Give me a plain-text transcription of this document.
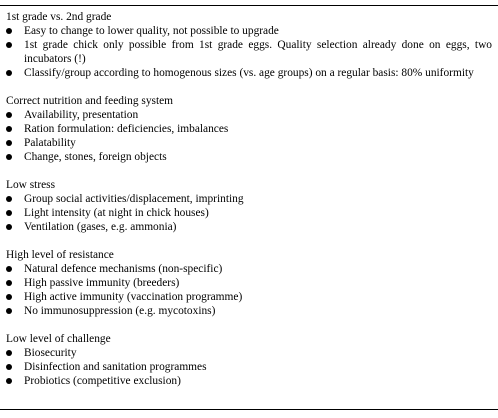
1st grade vs. 2nd grade

Easy to change to lower quality, not possible to upgrade
1st grade chick only possible from 1st grade eggs. Quality selection already done on eggs, two incubators (!)
Classify/group according to homogenous sizes (vs. age groups) on a regular basis: 80% uniformity

Correct nutrition and feeding system

Availability, presentation
Ration formulation: deficiencies, imbalances
Palatability
Change, stones, foreign objects

Low stress

Group social activities/displacement, imprinting
Light intensity (at night in chick houses)
Ventilation (gases, e.g. ammonia)

High level of resistance

Natural defence mechanisms (non-specific)
High passive immunity (breeders)
High active immunity (vaccination programme)
No immunosuppression (e.g. mycotoxins)

Low level of challenge

Biosecurity
Disinfection and sanitation programmes
Probiotics (competitive exclusion)
